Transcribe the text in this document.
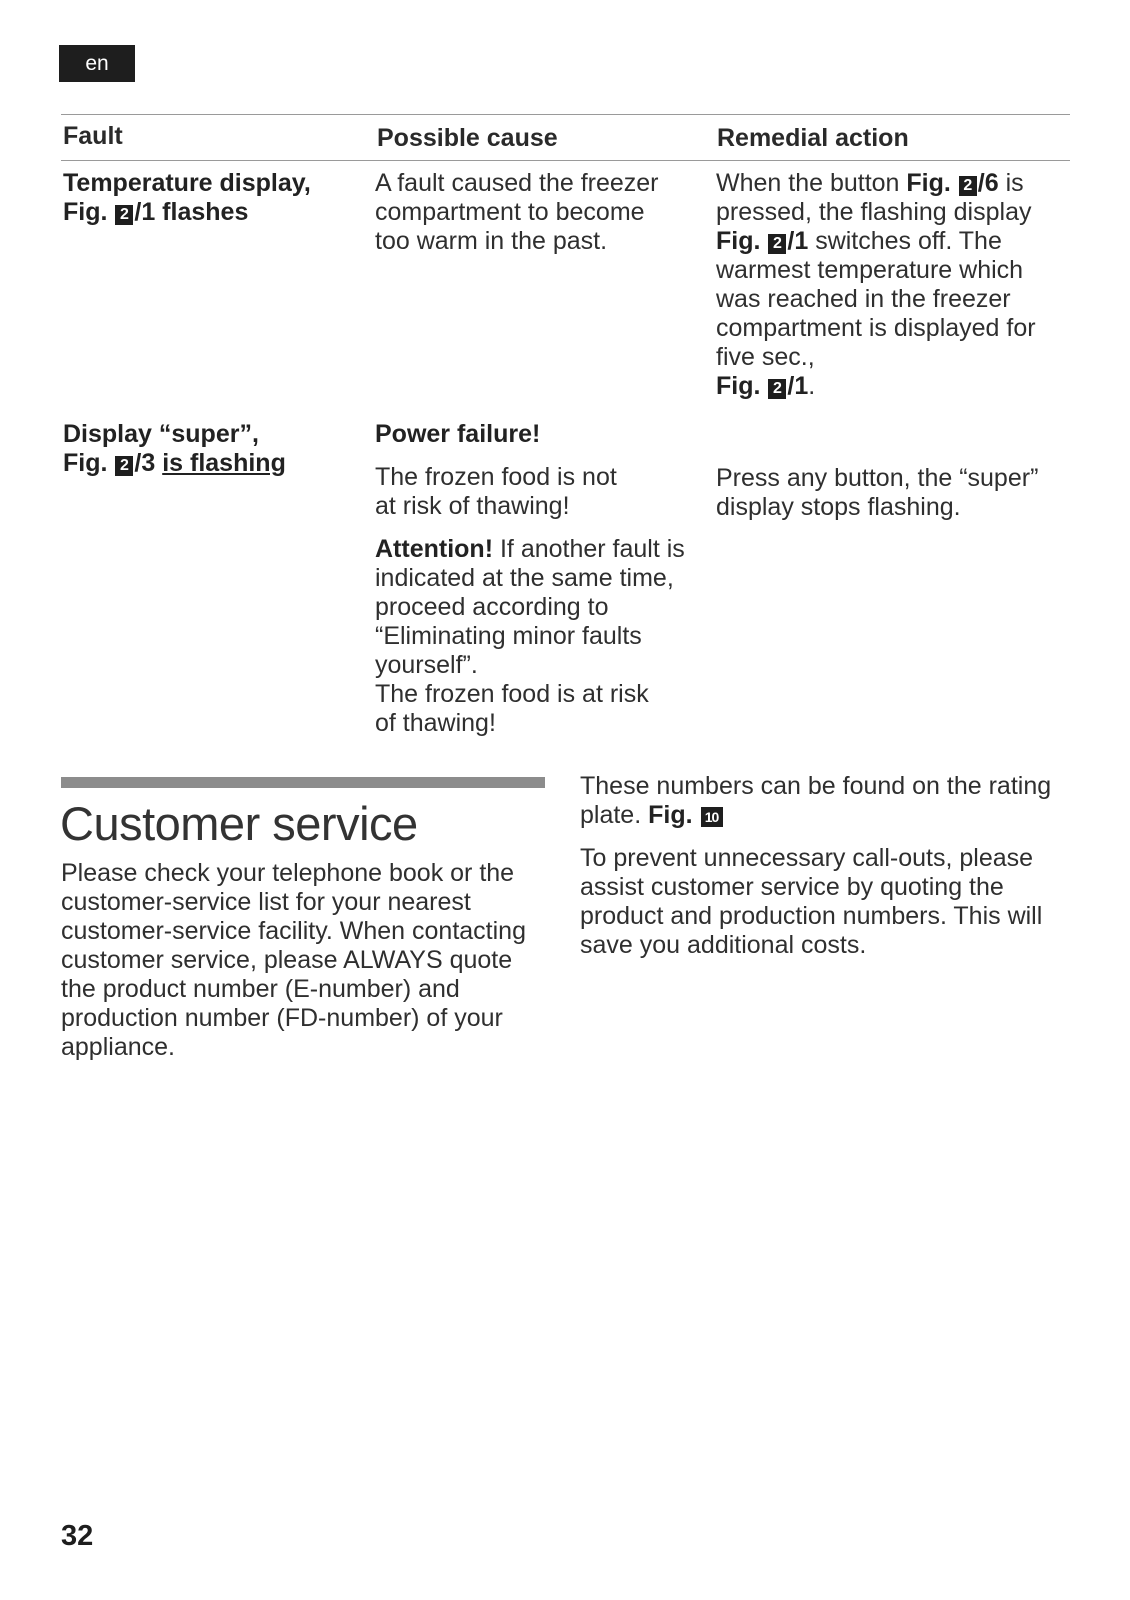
en
Fault	Possible cause	Remedial action

Temperature display,

Fig. 2 /1 flashes

A fault caused the freezer compartment to become too warm in the past.

When the button Fig. 2 /6 is pressed, the flashing display Fig. 2 /1 switches off. The warmest temperature which was reached in the freezer compartment is displayed for five sec.,

Fig. 2 /1.

Display “super”,

Fig. 2 /3 is flashing

Power failure!

The frozen food is not at risk of thawing!

Attention! If another fault is indicated at the same time, proceed according to “Eliminating minor faults yourself”.

The frozen food is at risk of thawing!

Press any button, the “super” display stops flashing.

Customer service

Please check your telephone book or the customer-service list for your nearest customer-service facility. When contacting customer service, please ALWAYS quote the product number (E-number) and production number (FD-number) of your appliance.

These numbers can be found on the rating plate. Fig. 10

To prevent unnecessary call-outs, please assist customer service by quoting the product and production numbers. This will save you additional costs.

32
